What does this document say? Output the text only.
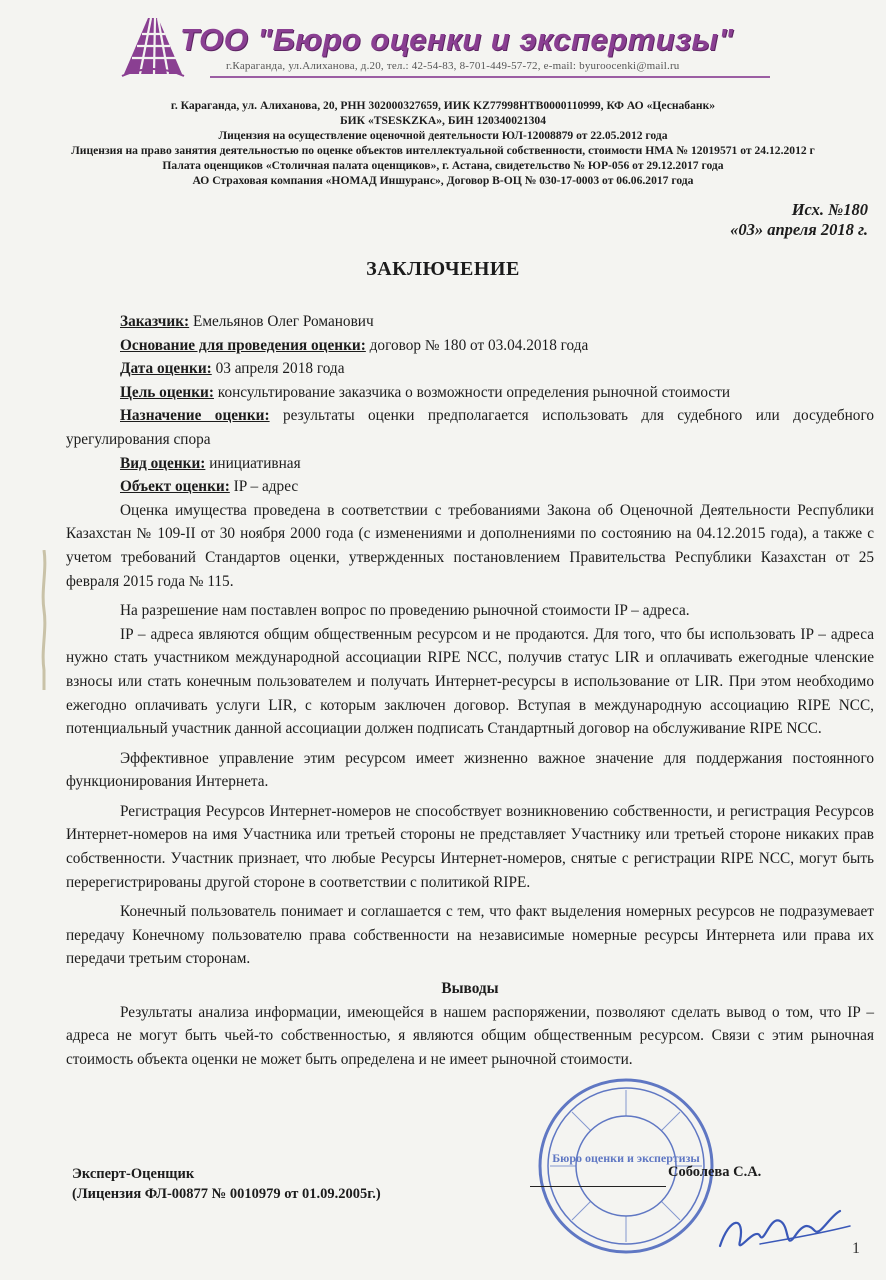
ТОО "Бюро оценки и экспертизы"
г.Караганда, ул.Алиханова, д.20, тел.: 42-54-83, 8-701-449-57-72, e-mail: byuroocenki@mail.ru
г. Караганда, ул. Алиханова, 20, РНН 302000327659, ИИК KZ77998HTB0000110999, КФ АО «Цеснабанк»
БИК «TSESKZKA», БИН 120340021304
Лицензия на осуществление оценочной деятельности ЮЛ-12008879 от 22.05.2012 года
Лицензия на право занятия деятельностью по оценке объектов интеллектуальной собственности, стоимости НМА № 12019571 от 24.12.2012 г
Палата оценщиков «Столичная палата оценщиков», г. Астана, свидетельство № ЮР-056 от 29.12.2017 года
АО Страховая компания «НОМАД Иншуранс», Договор В-ОЦ № 030-17-0003 от 06.06.2017 года
Исх. №180
«03» апреля 2018 г.
ЗАКЛЮЧЕНИЕ
Заказчик: Емельянов Олег Романович
Основание для проведения оценки: договор № 180 от 03.04.2018 года
Дата оценки: 03 апреля 2018 года
Цель оценки: консультирование заказчика о возможности определения рыночной стоимости

Назначение оценки: результаты оценки предполагается использовать для судебного или досудебного урегулирования спора

Вид оценки: инициативная
Объект оценки: IP – адрес

Оценка имущества проведена в соответствии с требованиями Закона об Оценочной Деятельности Республики Казахстан № 109-II от 30 ноября 2000 года (с изменениями и дополнениями по состоянию на 04.12.2015 года), а также с учетом требований Стандартов оценки, утвержденных постановлением Правительства Республики Казахстан от 25 февраля 2015 года № 115.

На разрешение нам поставлен вопрос по проведению рыночной стоимости IP – адреса.

IP – адреса являются общим общественным ресурсом и не продаются. Для того, что бы использовать IP – адреса нужно стать участником международной ассоциации RIPE NCC, получив статус LIR и оплачивать ежегодные членские взносы или стать конечным пользователем и получать Интернет-ресурсы в использование от LIR. При этом необходимо ежегодно оплачивать услуги LIR, с которым заключен договор. Вступая в международную ассоциацию RIPE NCC, потенциальный участник данной ассоциации должен подписать Стандартный договор на обслуживание RIPE NCC.

Эффективное управление этим ресурсом имеет жизненно важное значение для поддержания постоянного функционирования Интернета.

Регистрация Ресурсов Интернет-номеров не способствует возникновению собственности, и регистрация Ресурсов Интернет-номеров на имя Участника или третьей стороны не представляет Участнику или третьей стороне никаких прав собственности. Участник признает, что любые Ресурсы Интернет-номеров, снятые с регистрации RIPE NCC, могут быть перерегистрированы другой стороне в соответствии с политикой RIPE.

Конечный пользователь понимает и соглашается с тем, что факт выделения номерных ресурсов не подразумевает передачу Конечному пользователю права собственности на независимые номерные ресурсы Интернета или права их передачи третьим сторонам.

Выводы

Результаты анализа информации, имеющейся в нашем распоряжении, позволяют сделать вывод о том, что IP – адреса не могут быть чьей-то собственностью, я являются общим общественным ресурсом. Связи с этим рыночная стоимость объекта оценки не может быть определена и не имеет рыночной стоимости.

Бюро оценки и экспертизы
Эксперт-Оценщик
(Лицензия ФЛ-00877 № 0010979 от 01.09.2005г.)
Соболева С.А.
1
